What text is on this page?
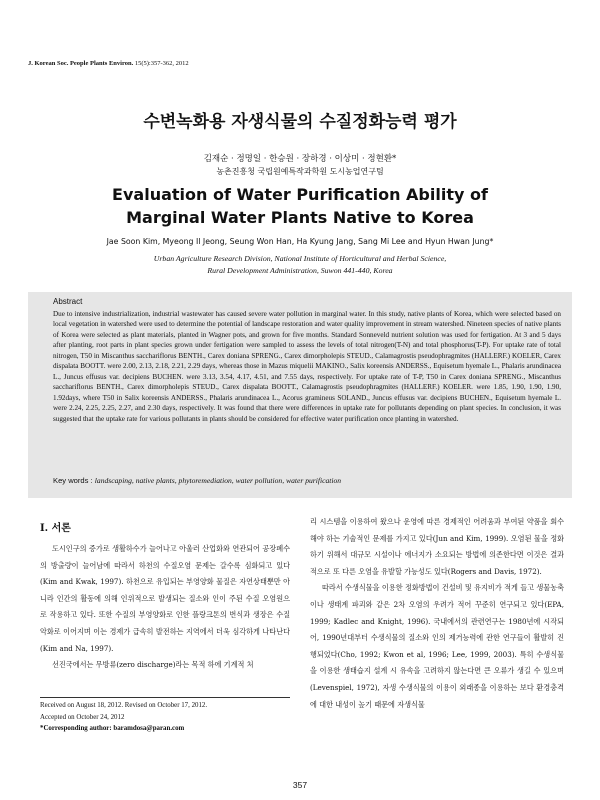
J. Korean Soc. People Plants Environ. 15(5):357-362, 2012
수변녹화용 자생식물의 수질정화능력 평가
김재순 · 정명일 · 한승원 · 장하경 · 이상미 · 정현환*
농촌진흥청 국립원예특작과학원 도시농업연구팀
Evaluation of Water Purification Ability of
Marginal Water Plants Native to Korea
Jae Soon Kim, Myeong Il Jeong, Seung Won Han, Ha Kyung Jang, Sang Mi Lee and Hyun Hwan Jung*
Urban Agriculture Research Division, National Institute of Horticultural and Herbal Science,
Rural Development Administration, Suwon 441-440, Korea
Abstract
Due to intensive industrialization, industrial wastewater has caused severe water pollution in marginal water. In this study, native plants of Korea, which were selected based on local vegetation in watershed were used to determine the potential of landscape restoration and water quality improvement in stream watershed. Nineteen species of native plants of Korea were selected as plant materials, planted in Wagner pots, and grown for five months. Standard Sonneveld nutrient solution was used for fertigation. At 3 and 5 days after planting, root parts in plant species grown under fertigation were sampled to assess the levels of total nitrogen(T-N) and total phosphorus(T-P). For uptake rate of total nitrogen, T50 in Miscanthus sacchariflorus BENTH., Carex doniana SPRENG., Carex dimorpholepis STEUD., Calamagrostis pseudophragmites (HALLERF.) KOELER, Carex dispalata BOOTT. were 2.00, 2.13, 2.18, 2.21, 2.29 days, whereas those in Mazus miquelii MAKINO., Salix koreensis ANDERSS., Equisetum hyemale L., Phalaris arundinacea L., Juncus effusus var. decipiens BUCHEN. were 3.13, 3.54, 4.17, 4.51, and 7.55 days, respectively. For uptake rate of T-P, T50 in Carex doniana SPRENG., Miscanthus sacchariflorus BENTH., Carex dimorpholepis STEUD., Carex dispalata BOOTT., Calamagrostis pseudophragmites (HALLERF.) KOELER. were 1.85, 1.90, 1.90, 1.90, 1.92days, where T50 in Salix koreensis ANDERSS., Phalaris arundinacea L., Acorus gramineus SOLAND., Juncus effusus var. decipiens BUCHEN., Equisetum hyemale L. were 2.24, 2.25, 2.25, 2.27, and 2.30 days, respectively. It was found that there were differences in uptake rate for pollutants depending on plant species. In conclusion, it was suggested that the uptake rate for various pollutants in plants should be considered for effective water purification once planting in watershed.
Key words : landscaping, native plants, phytoremediation, water pollution, water purification
Ⅰ. 서론

도시인구의 증가로 생활하수가 늘어나고 아울러 산업화와 연관되어 공장폐수의 방출량이 늘어남에 따라서 하천의 수질오염 문제는 갈수록 심화되고 있다(Kim and Kwak, 1997). 하천으로 유입되는 부영양화 물질은 자연상태뿐만 아니라 인간의 활동에 의해 인위적으로 발생되는 질소와 인이 주된 수질 오염원으로 작용하고 있다. 또한 수질의 부영양화로 인한 플랑크톤의 번식과 생장은 수질악화로 이어지며 이는 경제가 급속히 발전하는 지역에서 더욱 심각하게 나타난다(Kim and Na, 1997).

선진국에서는 무방류(zero discharge)라는 목적 하에 기계적 처

리 시스템을 이용하여 왔으나 운영에 따른 경제적인 어려움과 부여된 약품을 회수해야 하는 기술적인 문제를 가지고 있다(Jun and Kim, 1999). 오염된 물을 정화하기 위해서 대규모 시설이나 에너지가 소요되는 방법에 의존한다면 이것은 결과적으로 또 다른 오염을 유발할 가능성도 있다(Rogers and Davis, 1972).

따라서 수생식물을 이용한 정화방법이 건설비 및 유지비가 적게 들고 생물농축이나 생태계 파괴와 같은 2차 오염의 우려가 적어 꾸준히 연구되고 있다(EPA, 1999; Kadlec and Knight, 1996). 국내에서의 관련연구는 1980년에 시작되어, 1990년대부터 수생식물의 질소와 인의 제거능력에 관한 연구들이 활발히 진행되었다(Cho, 1992; Kwon et al, 1996; Lee, 1999, 2003). 특히 수생식물을 이용한 생태습지 설계 시 유속을 고려하지 않는다면 큰 오류가 생길 수 있으며(Levenspiel, 1972), 자생 수생식물의 이용이 외래종을 이용하는 보다 환경충격에 대한 내성이 높기 때문에 자생식물

Received on August 18, 2012. Revised on October 17, 2012.
Accepted on October 24, 2012
*Corresponding author: baramdosa@paran.com
357
